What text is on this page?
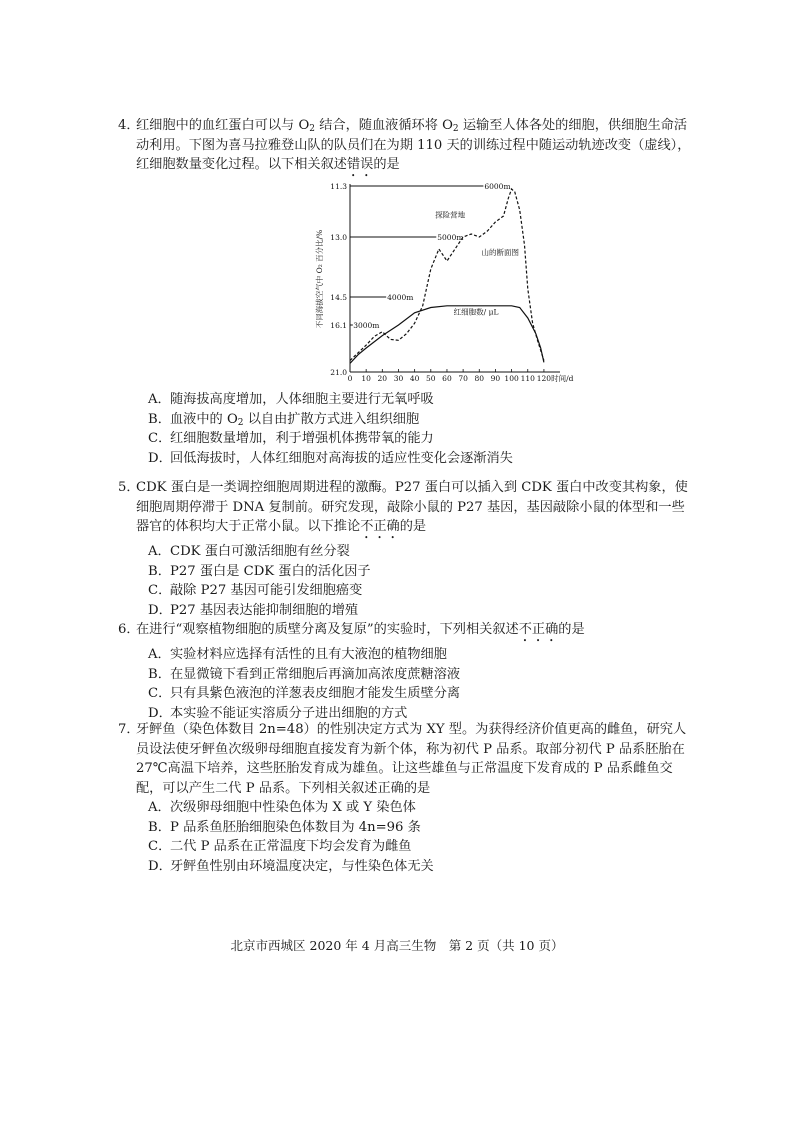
4．

红细胞中的血红蛋白可以与 $O_2$ 结合，随血液循环将 $O_2$ 运输至人体各处的细胞，供细胞生命活动利用。下图为喜马拉雅登山队的队员们在为期 110 天的训练过程中随运动轨迹改变（虚线），红细胞数量变化过程。以下相关叙述错误的是

0 10 20 30 40 50 60 70 80 90 100 110 120 时间/d
11.3
13.0
14.5
16.1
21.0
不同海拔空气中 O₂ 百分比/%
6000m
5000m
4000m
3000m
探险营地
山的断面图
红细胞数/ μL
A．随海拔高度增加，人体细胞主要进行无氧呼吸
B．血液中的 $O_2$ 以自由扩散方式进入组织细胞
C．红细胞数量增加，利于增强机体携带氧的能力
D．回低海拔时，人体红细胞对高海拔的适应性变化会逐渐消失
5．

CDK 蛋白是一类调控细胞周期进程的激酶。P27 蛋白可以插入到 CDK 蛋白中改变其构象，使细胞周期停滞于 DNA 复制前。研究发现，敲除小鼠的 P27 基因，基因敲除小鼠的体型和一些器官的体积均大于正常小鼠。以下推论不正确的是

A．CDK 蛋白可激活细胞有丝分裂
B．P27 蛋白是 CDK 蛋白的活化因子
C．敲除 P27 基因可能引发细胞癌变
D．P27 基因表达能抑制细胞的增殖
6．

在进行“观察植物细胞的质壁分离及复原”的实验时，下列相关叙述不正确的是

A．实验材料应选择有活性的且有大液泡的植物细胞
B．在显微镜下看到正常细胞后再滴加高浓度蔗糖溶液
C．只有具紫色液泡的洋葱表皮细胞才能发生质壁分离
D．本实验不能证实溶质分子进出细胞的方式
7．

牙鲆鱼（染色体数目 2n=48）的性别决定方式为 XY 型。为获得经济价值更高的雌鱼，研究人员设法使牙鲆鱼次级卵母细胞直接发育为新个体，称为初代 P 品系。取部分初代 P 品系胚胎在 27℃高温下培养，这些胚胎发育成为雄鱼。让这些雄鱼与正常温度下发育成的 P 品系雌鱼交配，可以产生二代 P 品系。下列相关叙述正确的是

A．次级卵母细胞中性染色体为 X 或 Y 染色体
B．P 品系鱼胚胎细胞染色体数目为 4n=96 条
C．二代 P 品系在正常温度下均会发育为雌鱼
D．牙鲆鱼性别由环境温度决定，与性染色体无关
北京市西城区 2020 年 4 月高三生物　第 2 页（共 10 页）
